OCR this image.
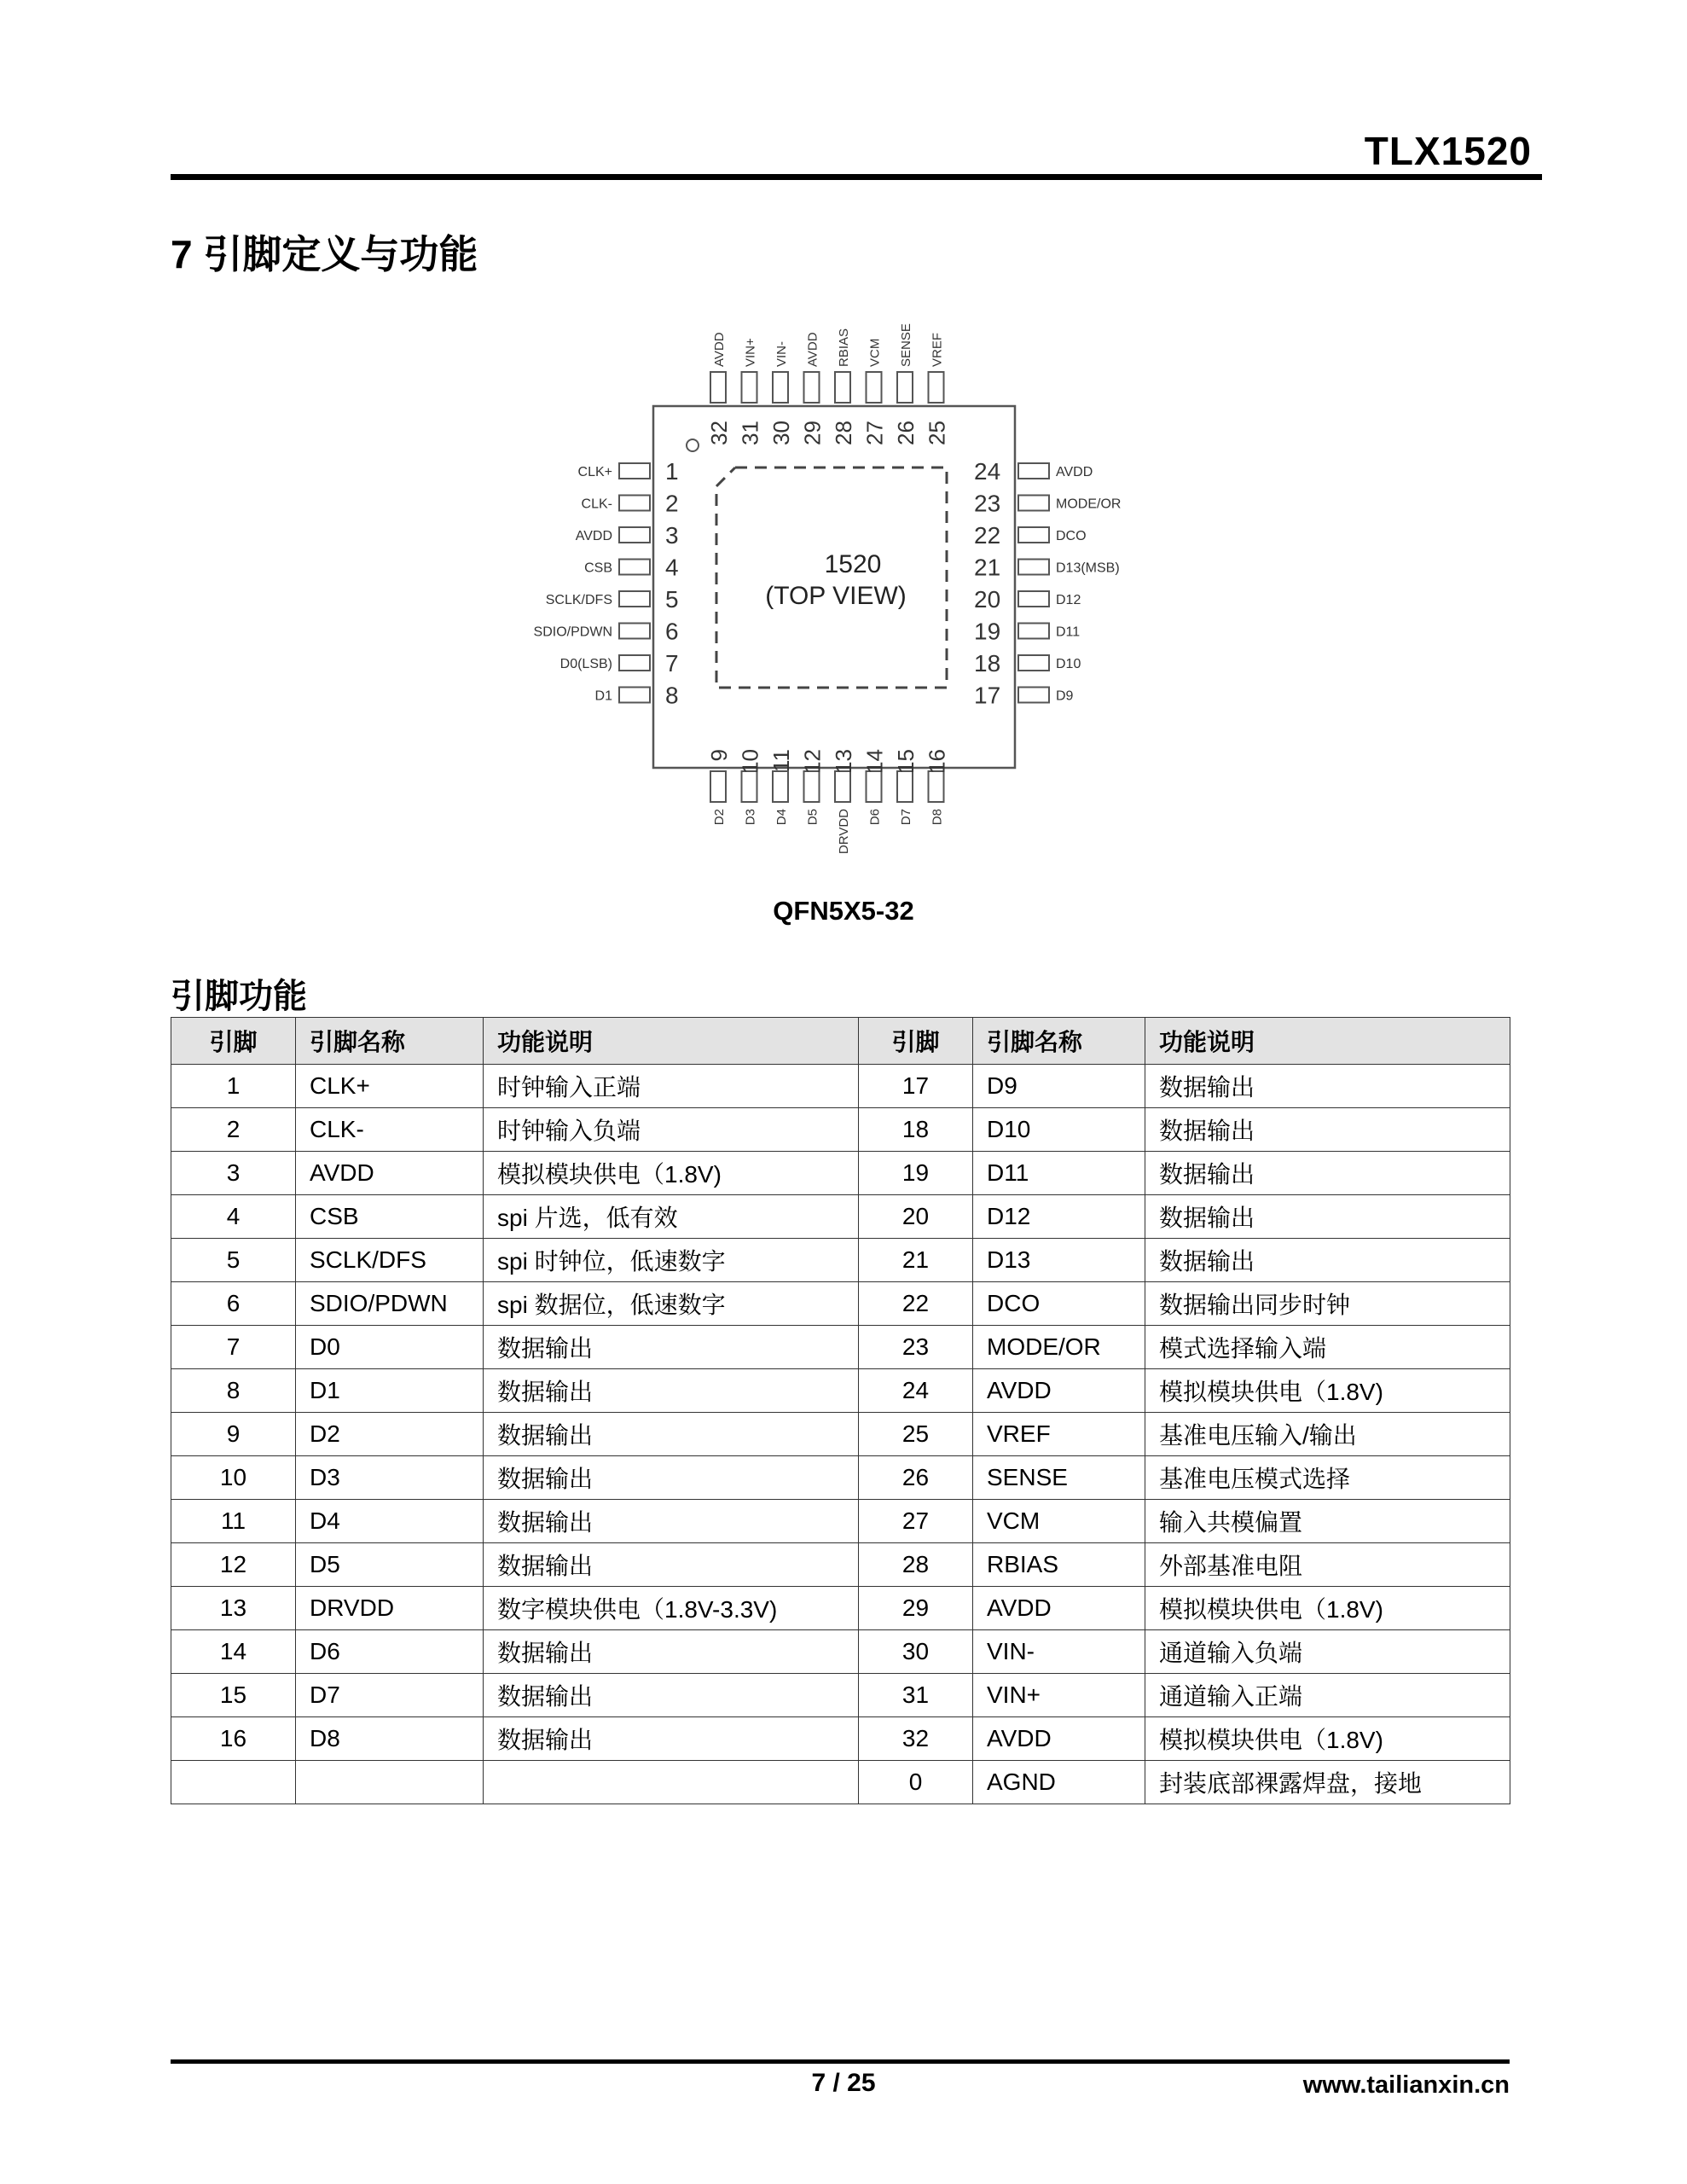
TLX1520
7 引脚定义与功能
1520
(TOP VIEW)
1
CLK+
2
CLK-
3
AVDD
4
CSB
5
SCLK/DFS
6
SDIO/PDWN
7
D0(LSB)
8
D1
24	AVDD
23	MODE/OR
22	DCO
21	D13(MSB)
20	D12
19	D11
18	D10
17	D9
32
AVDD
31
VIN+
30
VIN-
29
AVDD
28
RBIAS
27
VCM
26
SENSE
25
VREF
9
D2
10
D3
11
D4
12
D5
13
DRVDD
14
D6
15
D7
16
D8
QFN5X5-32
引脚功能
引脚	引脚名称	功能说明	引脚	引脚名称	功能说明
1	CLK+	时钟输入正端	17	D9	数据输出
2	CLK-	时钟输入负端	18	D10	数据输出
3	AVDD	模拟模块供电（1.8V)	19	D11	数据输出
4	CSB	spi 片选，低有效	20	D12	数据输出
5	SCLK/DFS	spi 时钟位，低速数字	21	D13	数据输出
6	SDIO/PDWN	spi 数据位，低速数字	22	DCO	数据输出同步时钟
7	D0	数据输出	23	MODE/OR	模式选择输入端
8	D1	数据输出	24	AVDD	模拟模块供电（1.8V)
9	D2	数据输出	25	VREF	基准电压输入/输出
10	D3	数据输出	26	SENSE	基准电压模式选择
11	D4	数据输出	27	VCM	输入共模偏置
12	D5	数据输出	28	RBIAS	外部基准电阻
13	DRVDD	数字模块供电（1.8V-3.3V)	29	AVDD	模拟模块供电（1.8V)
14	D6	数据输出	30	VIN-	通道输入负端
15	D7	数据输出	31	VIN+	通道输入正端
16	D8	数据输出	32	AVDD	模拟模块供电（1.8V)
			0	AGND	封装底部裸露焊盘，接地
7 / 25	www.tailianxin.cn
